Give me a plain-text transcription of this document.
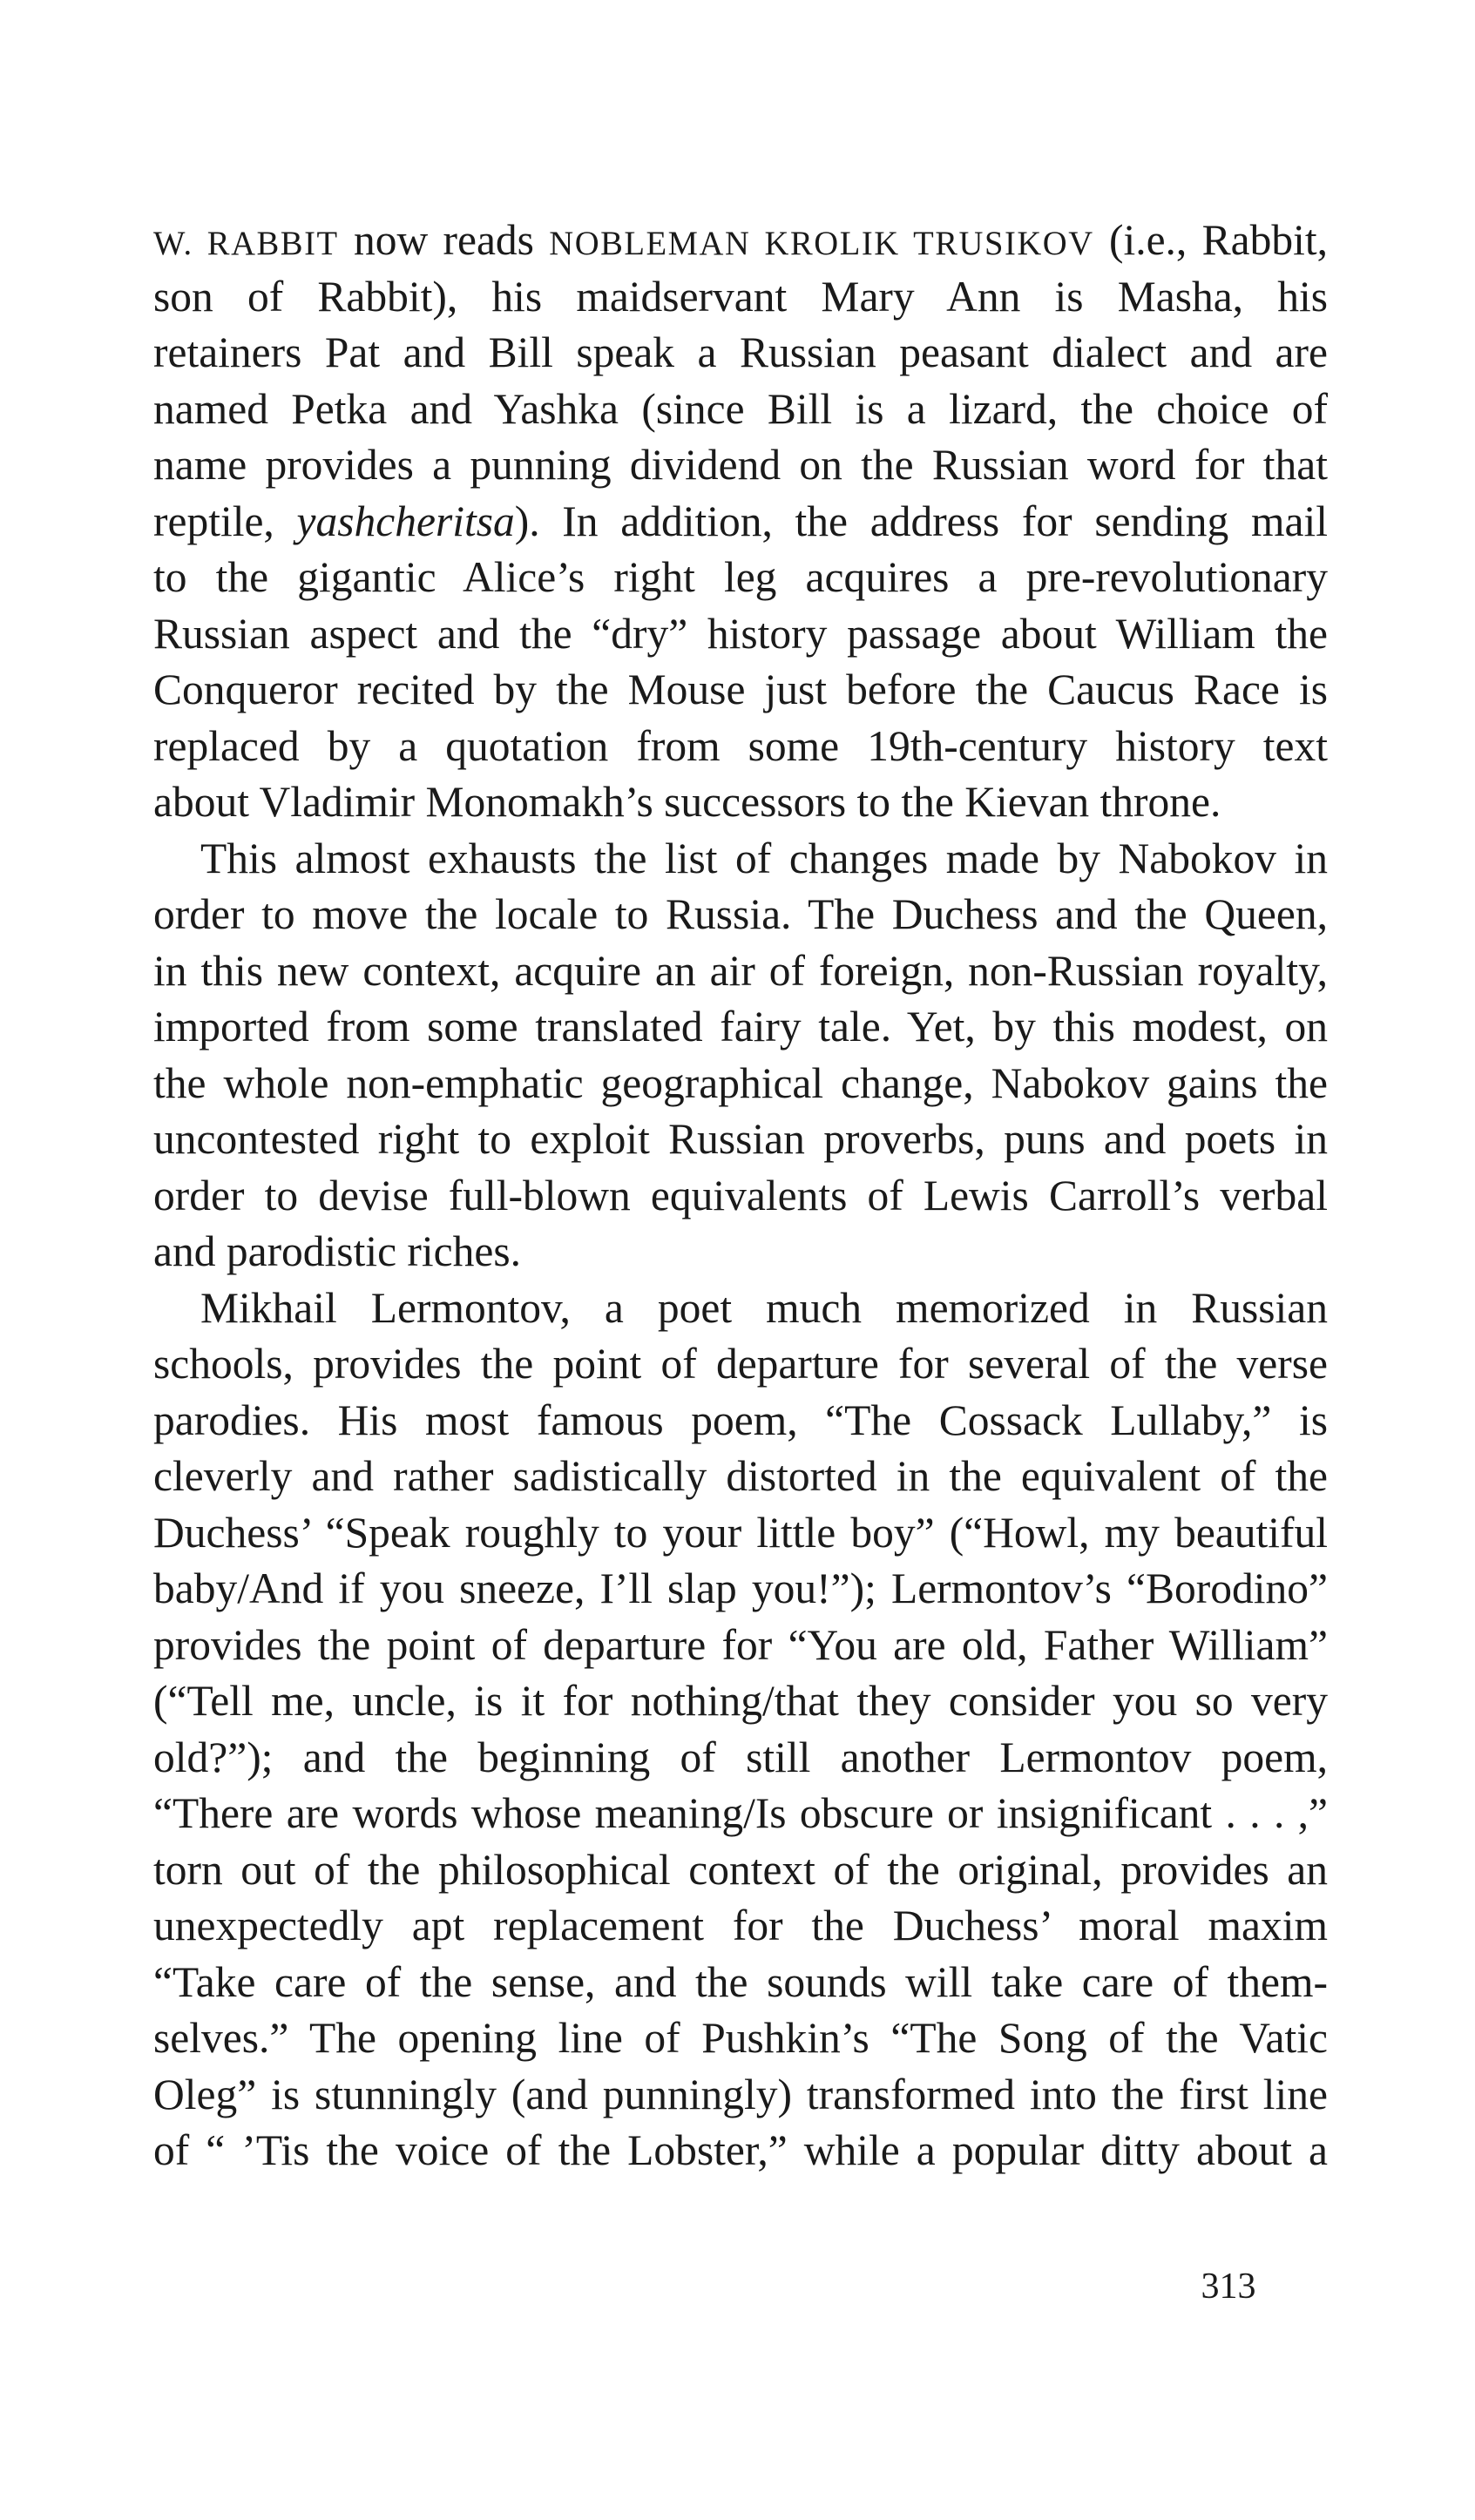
W. RABBIT now reads NOBLEMAN KROLIK TRUSIKOV (i.e., Rabbit,
son of Rabbit), his maidservant Mary Ann is Masha, his
retainers Pat and Bill speak a Russian peasant dialect and are
named Petka and Yashka (since Bill is a lizard, the choice of
name provides a punning dividend on the Russian word for that
reptile, yashcheritsa). In addition, the address for sending mail
to the gigantic Alice’s right leg acquires a pre-revolutionary
Russian aspect and the “dry” history passage about William the
Conqueror recited by the Mouse just before the Caucus Race is
replaced by a quotation from some 19th-century history text
about Vladimir Monomakh’s successors to the Kievan throne.
This almost exhausts the list of changes made by Nabokov in
order to move the locale to Russia. The Duchess and the Queen,
in this new context, acquire an air of foreign, non-Russian royalty,
imported from some translated fairy tale. Yet, by this modest, on
the whole non-emphatic geographical change, Nabokov gains the
uncontested right to exploit Russian proverbs, puns and poets in
order to devise full-blown equivalents of Lewis Carroll’s verbal
and parodistic riches.
Mikhail Lermontov, a poet much memorized in Russian
schools, provides the point of departure for several of the verse
parodies. His most famous poem, “The Cossack Lullaby,” is
cleverly and rather sadistically distorted in the equivalent of the
Duchess’ “Speak roughly to your little boy” (“Howl, my beautiful
baby/And if you sneeze, I’ll slap you!”); Lermontov’s “Borodino”
provides the point of departure for “You are old, Father William”
(“Tell me, uncle, is it for nothing/that they consider you so very
old?”); and the beginning of still another Lermontov poem,
“There are words whose meaning/Is obscure or insignificant . . . ,”
torn out of the philosophical context of the original, provides an
unexpectedly apt replacement for the Duchess’ moral maxim
“Take care of the sense, and the sounds will take care of them-
selves.” The opening line of Pushkin’s “The Song of the Vatic
Oleg” is stunningly (and punningly) transformed into the first line
of “ ’Tis the voice of the Lobster,” while a popular ditty about a
313
